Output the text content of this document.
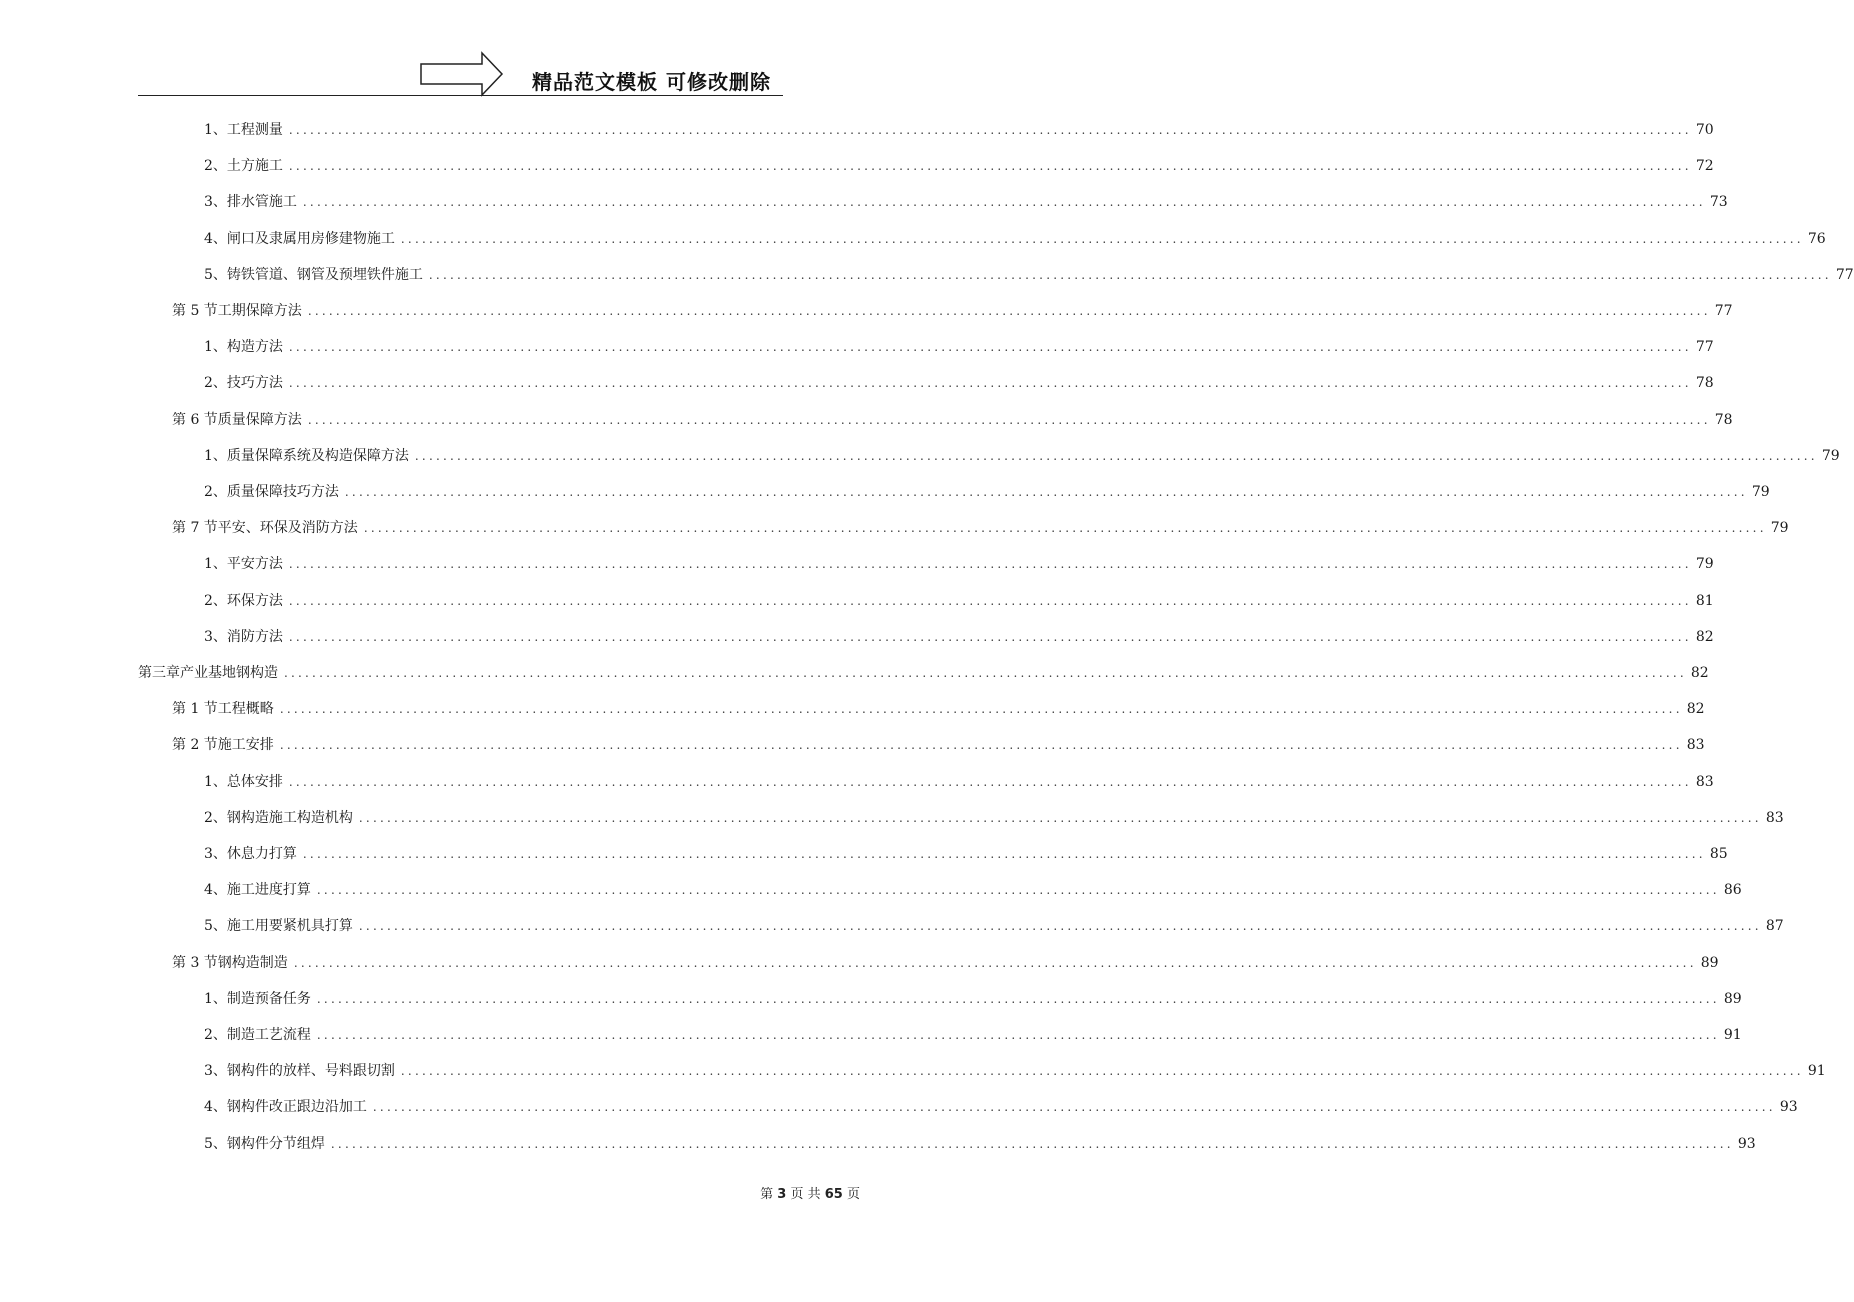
精品范文模板 可修改删除
1、工程测量 ........................................................................................................................................................................................................ 70
2、土方施工 ........................................................................................................................................................................................................ 72
3、排水管施工 ........................................................................................................................................................................................................ 73
4、闸口及隶属用房修建物施工 ........................................................................................................................................................................................................ 76
5、铸铁管道、钢管及预埋铁件施工 ........................................................................................................................................................................................................ 77
第 5 节工期保障方法 ........................................................................................................................................................................................................ 77
1、构造方法 ........................................................................................................................................................................................................ 77
2、技巧方法 ........................................................................................................................................................................................................ 78
第 6 节质量保障方法 ........................................................................................................................................................................................................ 78
1、质量保障系统及构造保障方法 ........................................................................................................................................................................................................ 79
2、质量保障技巧方法 ........................................................................................................................................................................................................ 79
第 7 节平安、环保及消防方法 ........................................................................................................................................................................................................ 79
1、平安方法 ........................................................................................................................................................................................................ 79
2、环保方法 ........................................................................................................................................................................................................ 81
3、消防方法 ........................................................................................................................................................................................................ 82
第三章产业基地钢构造 ........................................................................................................................................................................................................ 82
第 1 节工程概略 ........................................................................................................................................................................................................ 82
第 2 节施工安排 ........................................................................................................................................................................................................ 83
1、总体安排 ........................................................................................................................................................................................................ 83
2、钢构造施工构造机构 ........................................................................................................................................................................................................ 83
3、休息力打算 ........................................................................................................................................................................................................ 85
4、施工进度打算 ........................................................................................................................................................................................................ 86
5、施工用要紧机具打算 ........................................................................................................................................................................................................ 87
第 3 节钢构造制造 ........................................................................................................................................................................................................ 89
1、制造预备任务 ........................................................................................................................................................................................................ 89
2、制造工艺流程 ........................................................................................................................................................................................................ 91
3、钢构件的放样、号料跟切割 ........................................................................................................................................................................................................ 91
4、钢构件改正跟边沿加工 ........................................................................................................................................................................................................ 93
5、钢构件分节组焊 ........................................................................................................................................................................................................ 93
第 3 页 共 65 页
